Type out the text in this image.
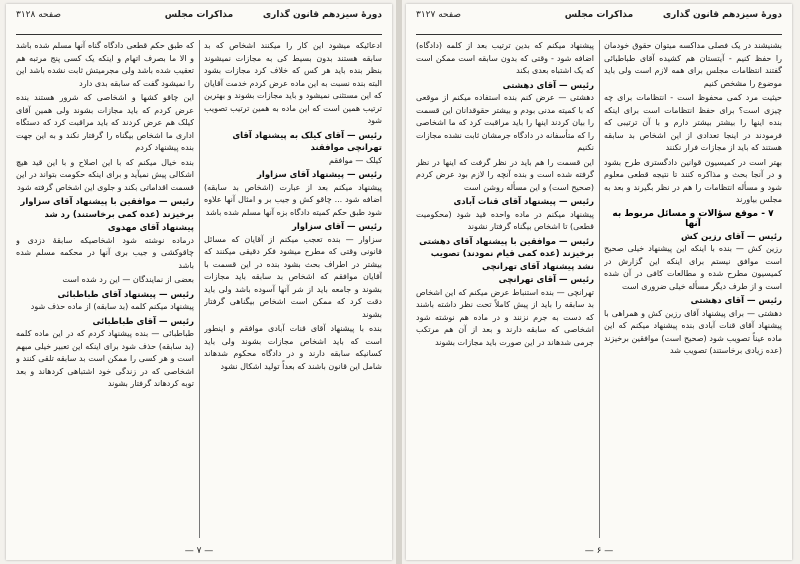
دورهٔ سیزدهم قانون گذاری
مذاکرات مجلس
صفحه ۳۱۲۸

ادعائیکه میشود این کار را میکنند اشخاص که بد سابقه هستند بدون بسیط کی به مجازات نمیشوند بنظر بنده باید هر کس که خلاف کرد مجازات بشود البته بنده نسبت به این ماده عرض کردم خدمت آقایان که این مستثنی نمیشود و باید مجازات بشوند و بهترین ترتیب همین است که این ماده به همین ترتیب تصویب شود

رئیس — آقای کیلک به پیشنهاد آقای تهرانچی موافقند

کیلک — موافقم

رئیس — پیشنهاد آقای سزاوار

پیشنهاد میکنم بعد از عبارت (اشخاص بد سابقه) اضافه شود ... چاقو کش و جیب بر و امثال آنها علاوه شود طبق حکم کمیته دادگاه بزه آنها مسلم شده باشد

رئیس — آقای سزاوار

سزاوار — بنده تعجب میکنم از آقایان که مسائل قانونی وقتی که مطرح میشود فکر دقیقی میکنند که بیشتر در اطراف بحث بشود بنده در این قسمت با آقایان موافقم که اشخاص بد سابقه باید مجازات بشوند و جامعه باید از شر آنها آسوده باشد ولی باید دقت کرد که ممکن است اشخاص بیگناهی گرفتار بشوند

بنده با پیشنهاد آقای قنات آبادی موافقم و اینطور است که باید اشخاص مجازات بشوند ولی باید کسانیکه سابقه دارند و در دادگاه محکوم شدهاند شامل این قانون باشند که بعداً تولید اشکال نشود

که طبق حکم قطعی دادگاه گناه آنها مسلم شده باشد و الا ما بصرف اتهام و اینکه یک کسی پنج مرتبه هم تعقیب شده باشد ولی مجرمیتش ثابت نشده باشد این را نمیشود گفت که سابقه بدی دارد

این چاقو کشها و اشخاصی که شرور هستند بنده عرض کردم که باید مجازات بشوند ولی همین آقای کیلک هم عرض کردند که باید مراقبت کرد که دستگاه اداری ما اشخاص بیگناه را گرفتار نکند و به این جهت بنده پیشنهاد کردم

بنده خیال میکنم که با این اصلاح و با این قید هیچ اشکالی پیش نمیآید و برای اینکه حکومت بتواند در این قسمت اقداماتی بکند و جلوی این اشخاص گرفته شود

رئیس — موافقین با پیشنهاد آقای سزاوار برخیزند (عده کمی برخاستند) رد شد

پیشنهاد آقای مهدوی

درماده نوشته شود اشخاصیکه سابقهٔ دزدی و چاقوکشی و جیب بری آنها در محکمه مسلم شده باشد

بعضی از نمایندگان — این رد شده است

رئیس — پیشنهاد آقای طباطبائی

پیشنهاد میکنم کلمه (بد سابقه) از ماده حذف شود

رئیس — آقای طباطبائی

طباطبائی — بنده پیشنهاد کردم که در این ماده کلمه (بد سابقه) حذف شود برای اینکه این تعبیر خیلی مبهم است و هر کسی را ممکن است بد سابقه تلقی کنند و اشخاصی که در زندگی خود اشتباهی کردهاند و بعد توبه کردهاند گرفتار بشوند

— ۷ —
دورهٔ سیزدهم قانون گذاری
مذاکرات مجلس
صفحه ۳۱۲۷

بشنیشند در یک فصلی مداکسه میتوان حقوق خودمان را حفظ کنیم - آیتستان هم کشیده آقای طباطبائی گفتند انتظامات مجلس برای همه لازم است ولی باید موضوع را مشخص کنیم

حیثیت مرد کمی محفوظ است - انتظامات برای چه چیزی است؟ برای حفظ انتظامات است برای اینکه بنده اینها را بیشتر بیشتر دارم و با آن ترتیبی که فرمودند در اینجا تعدادی از این اشخاص بد سابقه هستند که باید از مجازات فرار نکنند

بهتر است در کمیسیون قوانین دادگستری طرح بشود و در آنجا بحث و مذاکره کنند تا نتیجه قطعی معلوم شود و مسأله انتظامات را هم در نظر بگیرند و بعد به مجلس بیاورند

۷ - موقع سؤالات و مسائل مربوط به آنها

رئیس — آقای رزین کش

رزین کش — بنده با اینکه این پیشنهاد خیلی صحیح است موافق نیستم برای اینکه این گزارش در کمیسیون مطرح شده و مطالعات کافی در آن شده است و از طرف دیگر مسأله خیلی ضروری است

رئیس — آقای دهشتی

دهشتی — برای پیشنهاد آقای رزین کش و همراهی با پیشنهاد آقای قنات آبادی بنده پیشنهاد میکنم که این ماده عیناً تصویب شود (صحیح است) موافقین برخیزند (عده زیادی برخاستند) تصویب شد

پیشنهاد میکنم که بدین ترتیب بعد از کلمه (دادگاه) اضافه شود - وقتی که بدون سابقه است ممکن است که یک اشتباه بعدی بکند

رئیس — آقای دهشتی

دهشتی — عرض کنم بنده استفاده میکنم از موقعی که با کمیته مدنی بودم و بیشتر حقوقدانان این قسمت را بیان کردند اینها را باید مراقبت کرد که ما اشخاصی را که متأسفانه در دادگاه جرمشان ثابت نشده مجازات نکنیم

این قسمت را هم باید در نظر گرفت که اینها در نظر گرفته شده است و بنده آنچه را لازم بود عرض کردم (صحیح است) و این مسأله روشن است

رئیس — پیشنهاد آقای قنات آبادی

پیشنهاد میکنم در ماده واحده قید شود (محکومیت قطعی) تا اشخاص بیگناه گرفتار نشوند

رئیس — موافقین با پیشنهاد آقای دهشتی برخیزند (عده کمی قیام نمودند) تصویب نشد پیشنهاد آقای تهرانچی

رئیس — آقای تهرانچی

تهرانچی — بنده استنباط عرض میکنم که این اشخاص بد سابقه را باید از پیش کاملاً تحت نظر داشته باشند که دست به جرم نزنند و در ماده هم نوشته شود اشخاصی که سابقه دارند و بعد از آن هم مرتکب جرمی شدهاند در این صورت باید مجازات بشوند

— ۶ —
